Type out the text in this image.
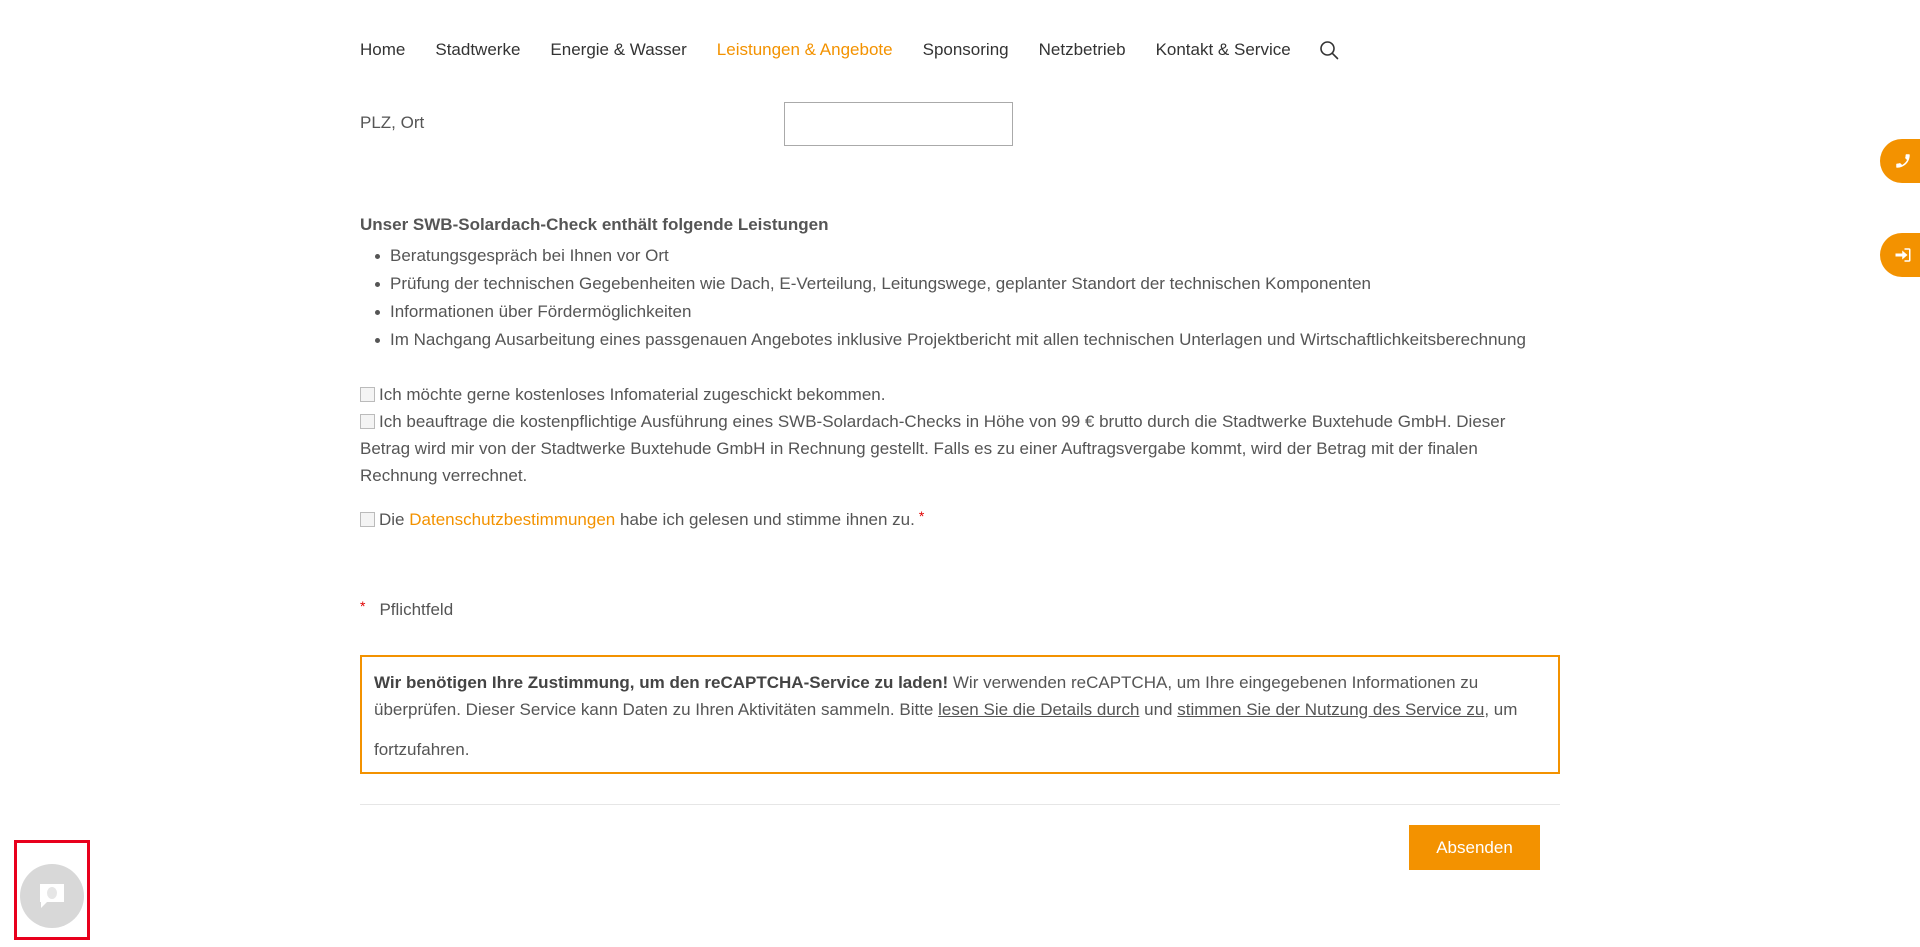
Home Stadtwerke Energie & Wasser Leistungen & Angebote Sponsoring Netzbetrieb Kontakt & Service
PLZ, Ort
Unser SWB-Solardach-Check enthält folgende Leistungen
Beratungsgespräch bei Ihnen vor Ort
Prüfung der technischen Gegebenheiten wie Dach, E-Verteilung, Leitungswege, geplanter Standort der technischen Komponenten
Informationen über Fördermöglichkeiten
Im Nachgang Ausarbeitung eines passgenauen Angebotes inklusive Projektbericht mit allen technischen Unterlagen und Wirtschaftlichkeitsberechnung
Ich möchte gerne kostenloses Infomaterial zugeschickt bekommen.
Ich beauftrage die kostenpflichtige Ausführung eines SWB-Solardach-Checks in Höhe von 99 € brutto durch die Stadtwerke Buxtehude GmbH. Dieser Betrag wird mir von der Stadtwerke Buxtehude GmbH in Rechnung gestellt. Falls es zu einer Auftragsvergabe kommt, wird der Betrag mit der finalen Rechnung verrechnet.
Die Datenschutzbestimmungen habe ich gelesen und stimme ihnen zu. *
* Pflichtfeld
Wir benötigen Ihre Zustimmung, um den reCAPTCHA-Service zu laden! Wir verwenden reCAPTCHA, um Ihre eingegebenen Informationen zu überprüfen. Dieser Service kann Daten zu Ihren Aktivitäten sammeln. Bitte lesen Sie die Details durch und stimmen Sie der Nutzung des Service zu, um
fortzufahren.
Absenden
